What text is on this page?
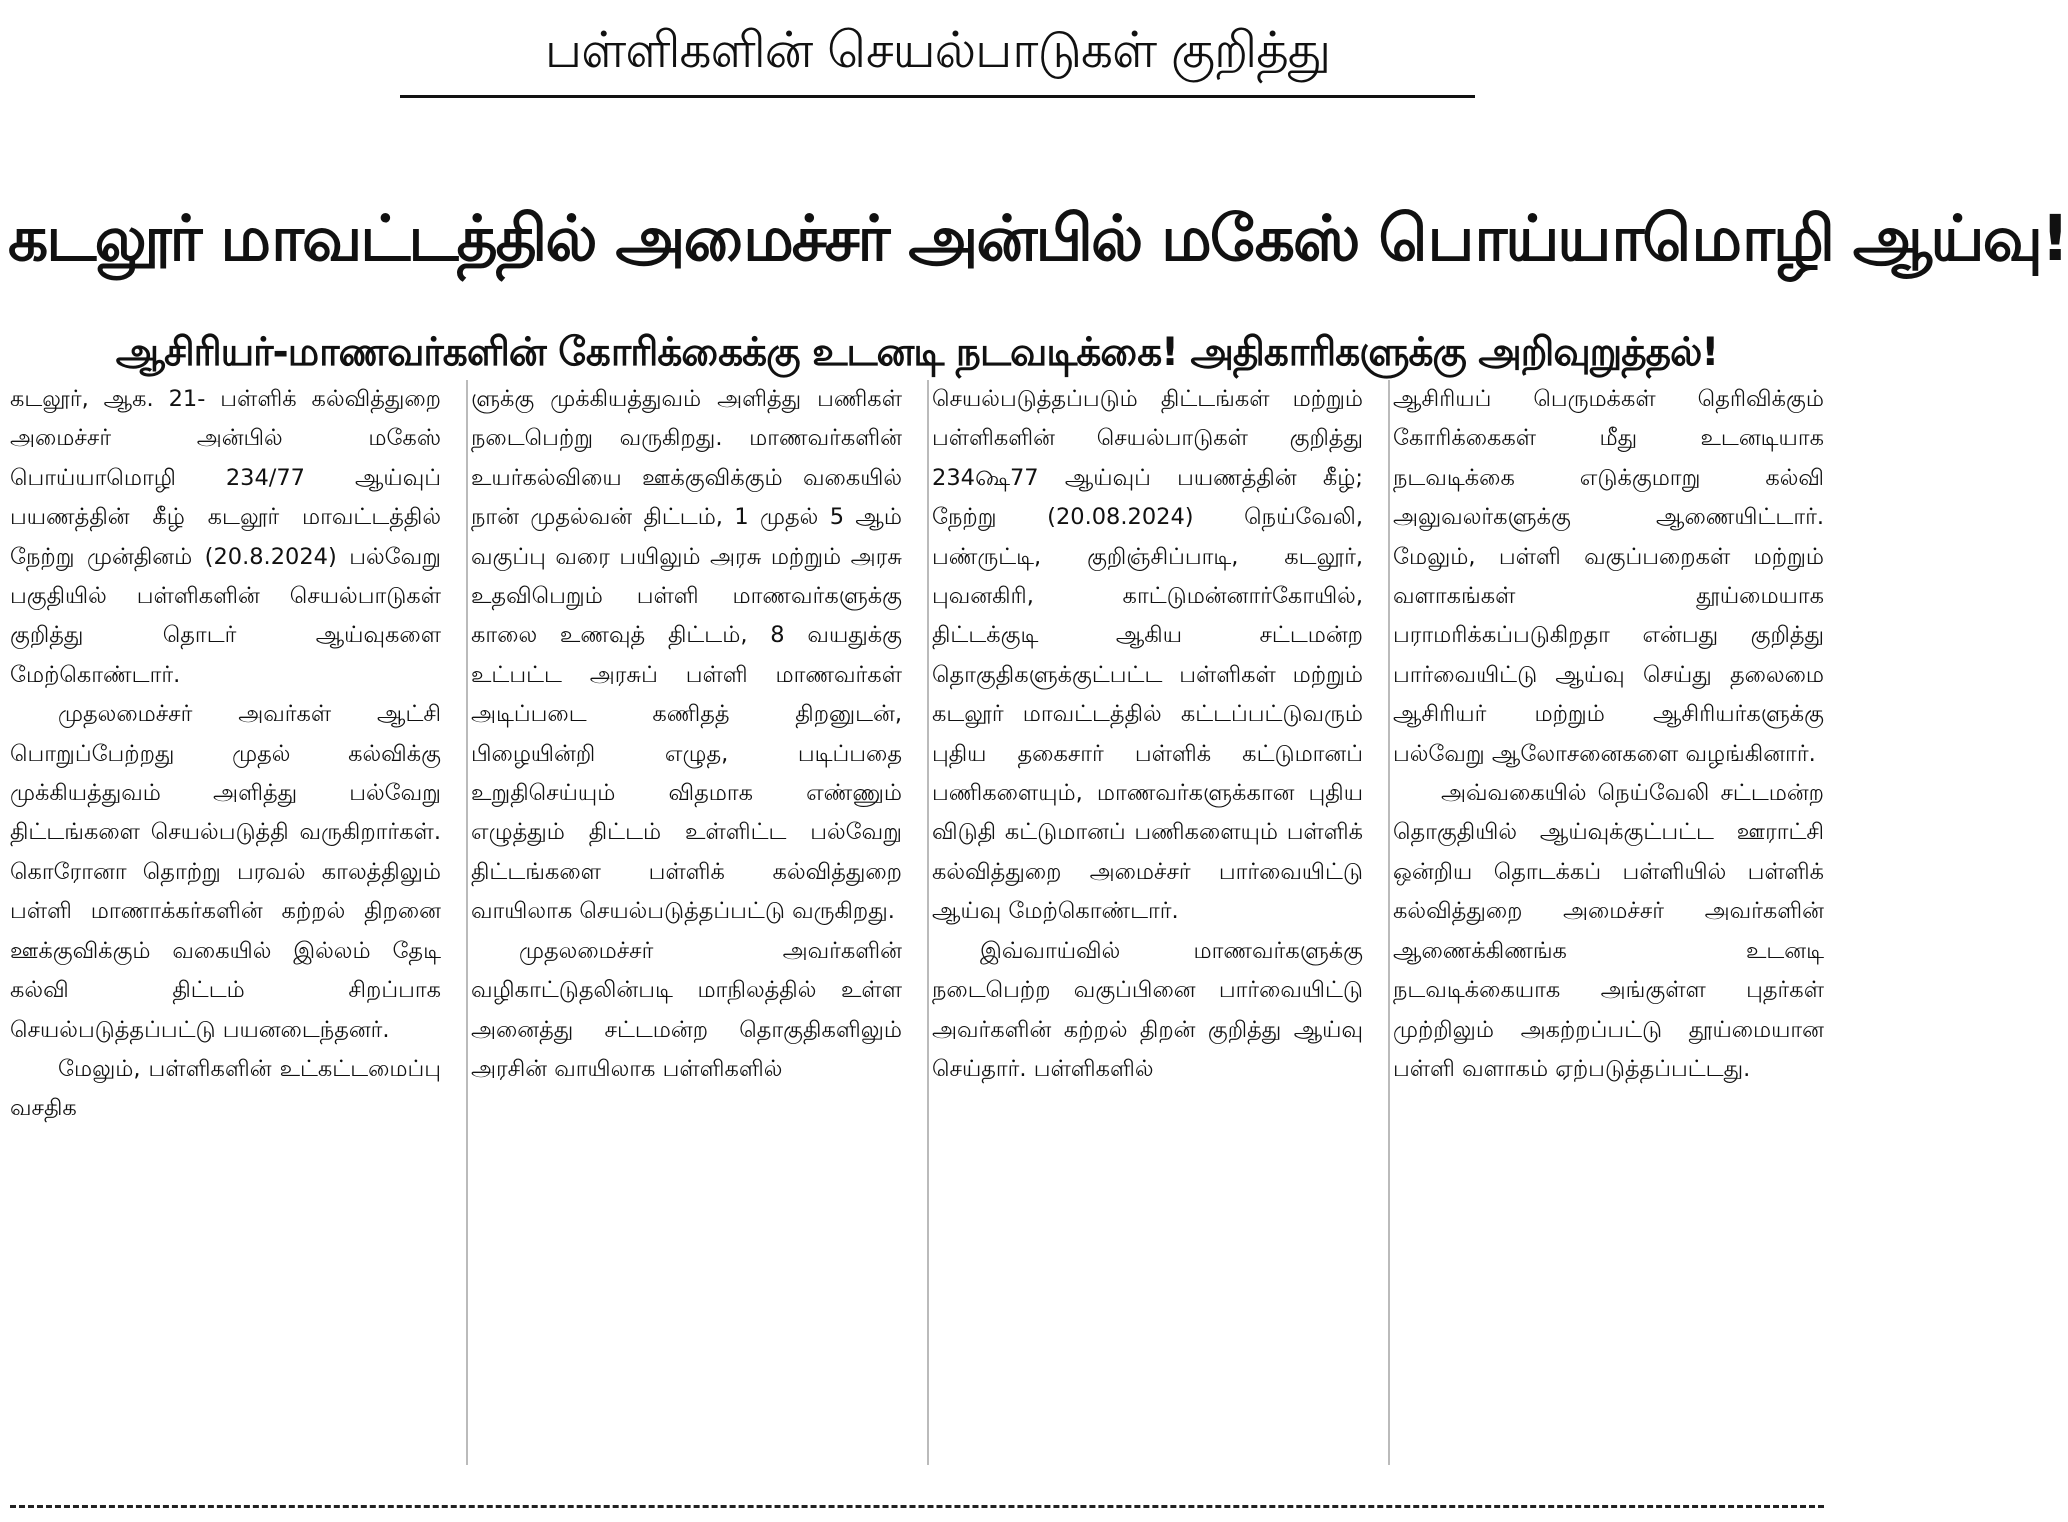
பள்ளிகளின் செயல்பாடுகள் குறித்து
கடலூர் மாவட்டத்தில் அமைச்சர் அன்பில் மகேஸ் பொய்யாமொழி ஆய்வு!
ஆசிரியர்-மாணவர்களின் கோரிக்கைக்கு உடனடி நடவடிக்கை! அதிகாரிகளுக்கு அறிவுறுத்தல்!

கடலூர், ஆக. 21- பள்ளிக் கல்வித்துறை அமைச்சர் அன்பில் மகேஸ் பொய்யாமொழி 234/77 ஆய்வுப் பயணத்தின் கீழ் கடலூர் மாவட்டத்தில் நேற்று முன்தினம் (20.8.2024) பல்வேறு பகுதியில் பள்ளிகளின் செயல்பாடுகள் குறித்து தொடர் ஆய்வுகளை மேற்கொண்டார்.

முதலமைச்சர் அவர்கள் ஆட்சி பொறுப்பேற்றது முதல் கல்விக்கு முக்கியத்துவம் அளித்து பல்வேறு திட்டங்களை செயல்படுத்தி வருகிறார்கள். கொரோனா தொற்று பரவல் காலத்திலும் பள்ளி மாணாக்கர்களின் கற்றல் திறனை ஊக்குவிக்கும் வகையில் இல்லம் தேடி கல்வி திட்டம் சிறப்பாக செயல்படுத்தப்பட்டு பயனடைந்தனர்.

மேலும், பள்ளிகளின் உட்கட்டமைப்பு வசதிக

ளுக்கு முக்கியத்துவம் அளித்து பணிகள் நடைபெற்று வருகிறது. மாணவர்களின் உயர்கல்வியை ஊக்குவிக்கும் வகையில் நான் முதல்வன் திட்டம், 1 முதல் 5 ஆம் வகுப்பு வரை பயிலும் அரசு மற்றும் அரசு உதவிபெறும் பள்ளி மாணவர்களுக்கு காலை உணவுத் திட்டம், 8 வயதுக்கு உட்பட்ட அரசுப் பள்ளி மாணவர்கள் அடிப்படை கணிதத் திறனுடன், பிழையின்றி எழுத, படிப்பதை உறுதிசெய்யும் விதமாக எண்ணும் எழுத்தும் திட்டம் உள்ளிட்ட பல்வேறு திட்டங்களை பள்ளிக் கல்வித்துறை வாயிலாக செயல்படுத்தப்பட்டு வருகிறது.

முதலமைச்சர் அவர்களின் வழிகாட்டுதலின்படி மாநிலத்தில் உள்ள அனைத்து சட்டமன்ற தொகுதிகளிலும் அரசின் வாயிலாக பள்ளிகளில்

செயல்படுத்தப்படும் திட்டங்கள் மற்றும் பள்ளிகளின் செயல்பாடுகள் குறித்து 234௸77 ஆய்வுப் பயணத்தின் கீழ்; நேற்று (20.08.2024) நெய்வேலி, பண்ருட்டி, குறிஞ்சிப்பாடி, கடலூர், புவனகிரி, காட்டுமன்னார்கோயில், திட்டக்குடி ஆகிய சட்டமன்ற தொகுதிகளுக்குட்பட்ட பள்ளிகள் மற்றும் கடலூர் மாவட்டத்தில் கட்டப்பட்டுவரும் புதிய தகைசார் பள்ளிக் கட்டுமானப் பணிகளையும், மாணவர்களுக்கான புதிய விடுதி கட்டுமானப் பணிகளையும் பள்ளிக் கல்வித்துறை அமைச்சர் பார்வையிட்டு ஆய்வு மேற்கொண்டார்.

இவ்வாய்வில் மாணவர்களுக்கு நடைபெற்ற வகுப்பினை பார்வையிட்டு அவர்களின் கற்றல் திறன் குறித்து ஆய்வு செய்தார். பள்ளிகளில்

ஆசிரியப் பெருமக்கள் தெரிவிக்கும் கோரிக்கைகள் மீது உடனடியாக நடவடிக்கை எடுக்குமாறு கல்வி அலுவலர்களுக்கு ஆணையிட்டார். மேலும், பள்ளி வகுப்பறைகள் மற்றும் வளாகங்கள் தூய்மையாக பராமரிக்கப்படுகிறதா என்பது குறித்து பார்வையிட்டு ஆய்வு செய்து தலைமை ஆசிரியர் மற்றும் ஆசிரியர்களுக்கு பல்வேறு ஆலோசனைகளை வழங்கினார்.

அவ்வகையில் நெய்வேலி சட்டமன்ற தொகுதியில் ஆய்வுக்குட்பட்ட ஊராட்சி ஒன்றிய தொடக்கப் பள்ளியில் பள்ளிக் கல்வித்துறை அமைச்சர் அவர்களின் ஆணைக்கிணங்க உடனடி நடவடிக்கையாக அங்குள்ள புதர்கள் முற்றிலும் அகற்றப்பட்டு தூய்மையான பள்ளி வளாகம் ஏற்படுத்தப்பட்டது.
